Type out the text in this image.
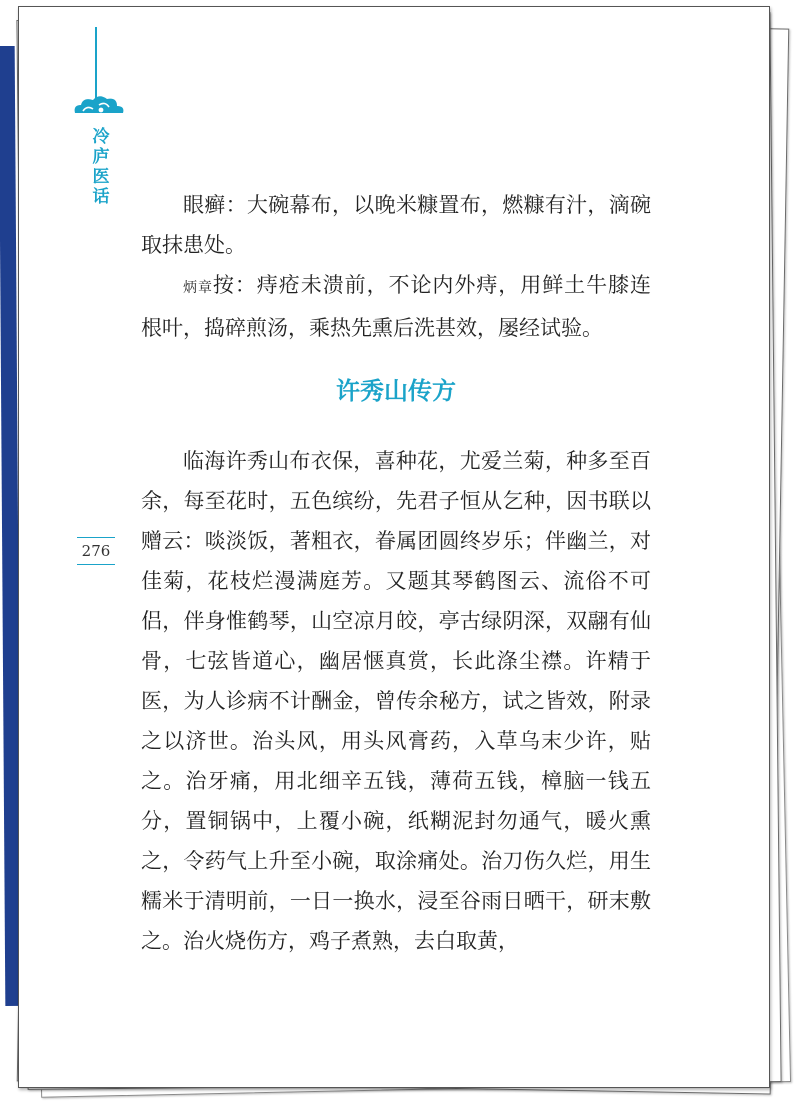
冷庐医话
276

眼癣：大碗幕布，以晚米糠置布，燃糠有汁，滴碗取抹患处。

炳章按：痔疮未溃前，不论内外痔，用鲜土牛膝连根叶，捣碎煎汤，乘热先熏后洗甚效，屡经试验。

许秀山传方

临海许秀山布衣保，喜种花，尤爱兰菊，种多至百余，每至花时，五色缤纷，先君子恒从乞种，因书联以赠云：啖淡饭，著粗衣，眷属团圆终岁乐；伴幽兰，对佳菊，花枝烂漫满庭芳。又题其琴鹤图云、流俗不可侣，伴身惟鹤琴，山空凉月皎，亭古绿阴深，双翮有仙骨，七弦皆道心，幽居惬真赏，长此涤尘襟。许精于医，为人诊病不计酬金，曾传余秘方，试之皆效，附录之以济世。治头风，用头风膏药，入草乌末少许，贴之。治牙痛，用北细辛五钱，薄荷五钱，樟脑一钱五分，置铜锅中，上覆小碗，纸糊泥封勿通气，暖火熏之，令药气上升至小碗，取涂痛处。治刀伤久烂，用生糯米于清明前，一日一换水，浸至谷雨日晒干，研末敷之。治火烧伤方，鸡子煮熟，去白取黄，
